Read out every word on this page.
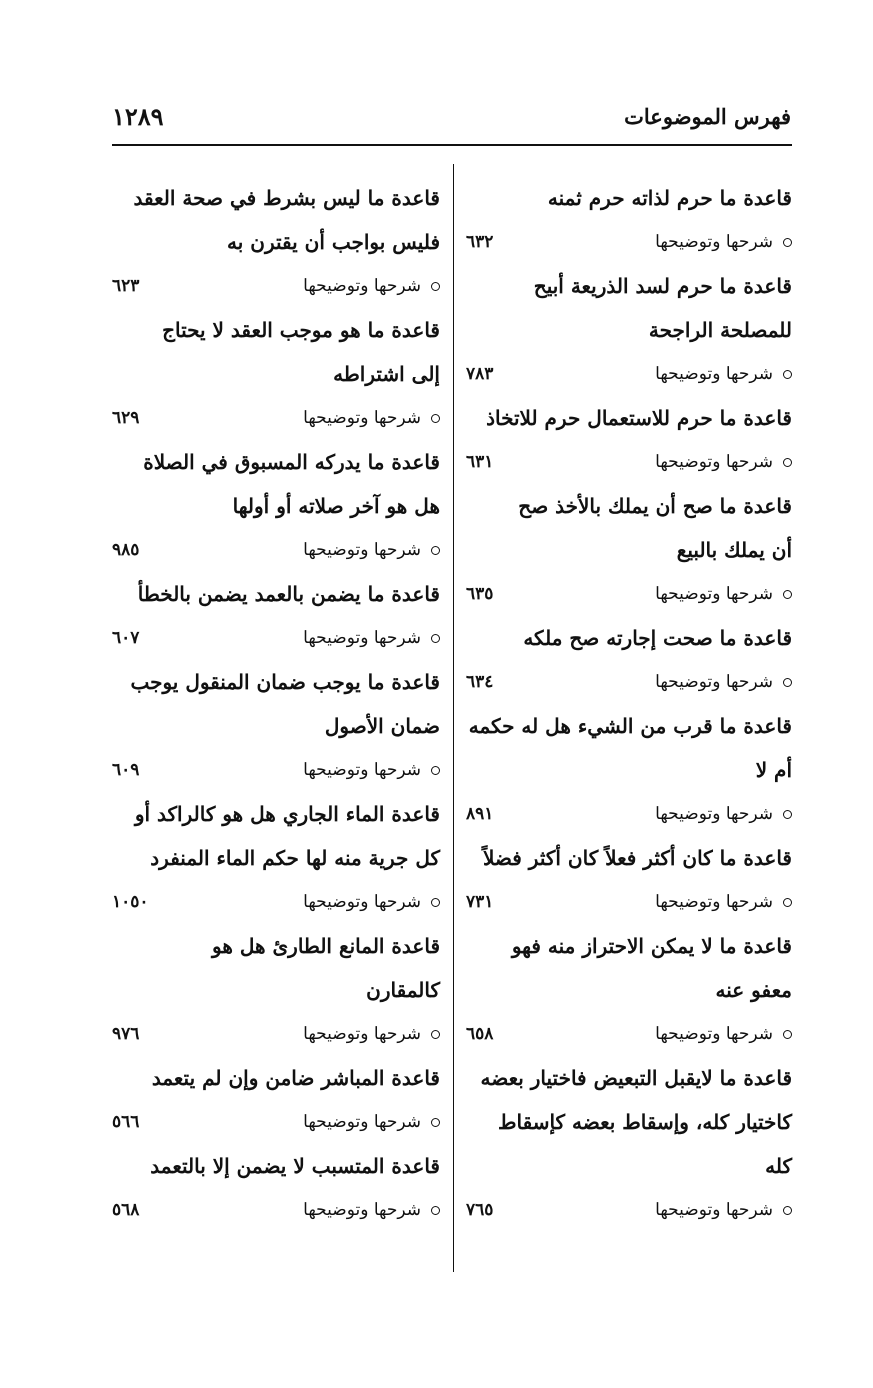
فهرس الموضوعات
١٢٨٩
قاعدة ما حرم لذاته حرم ثمنه
شرحها وتوضيحها
٦٣٢
قاعدة ما حرم لسد الذريعة أبيح
للمصلحة الراجحة
شرحها وتوضيحها
٧٨٣
قاعدة ما حرم للاستعمال حرم للاتخاذ
شرحها وتوضيحها
٦٣١
قاعدة ما صح أن يملك بالأخذ صح
أن يملك بالبيع
شرحها وتوضيحها
٦٣٥
قاعدة ما صحت إجارته صح ملكه
شرحها وتوضيحها
٦٣٤
قاعدة ما قرب من الشيء هل له حكمه
أم لا
شرحها وتوضيحها
٨٩١
قاعدة ما كان أكثر فعلاً كان أكثر فضلاً
شرحها وتوضيحها
٧٣١
قاعدة ما لا يمكن الاحتراز منه فهو
معفو عنه
شرحها وتوضيحها
٦٥٨
قاعدة ما لايقبل التبعيض فاختيار بعضه
كاختيار كله، وإسقاط بعضه كإسقاط
كله
شرحها وتوضيحها
٧٦٥
قاعدة ما ليس بشرط في صحة العقد
فليس بواجب أن يقترن به
شرحها وتوضيحها
٦٢٣
قاعدة ما هو موجب العقد لا يحتاج
إلى اشتراطه
شرحها وتوضيحها
٦٢٩
قاعدة ما يدركه المسبوق في الصلاة
هل هو آخر صلاته أو أولها
شرحها وتوضيحها
٩٨٥
قاعدة ما يضمن بالعمد يضمن بالخطأ
شرحها وتوضيحها
٦٠٧
قاعدة ما يوجب ضمان المنقول يوجب
ضمان الأصول
شرحها وتوضيحها
٦٠٩
قاعدة الماء الجاري هل هو كالراكد أو
كل جرية منه لها حكم الماء المنفرد
شرحها وتوضيحها
١٠٥٠
قاعدة المانع الطارئ هل هو
كالمقارن
شرحها وتوضيحها
٩٧٦
قاعدة المباشر ضامن وإن لم يتعمد
شرحها وتوضيحها
٥٦٦
قاعدة المتسبب لا يضمن إلا بالتعمد
شرحها وتوضيحها
٥٦٨
